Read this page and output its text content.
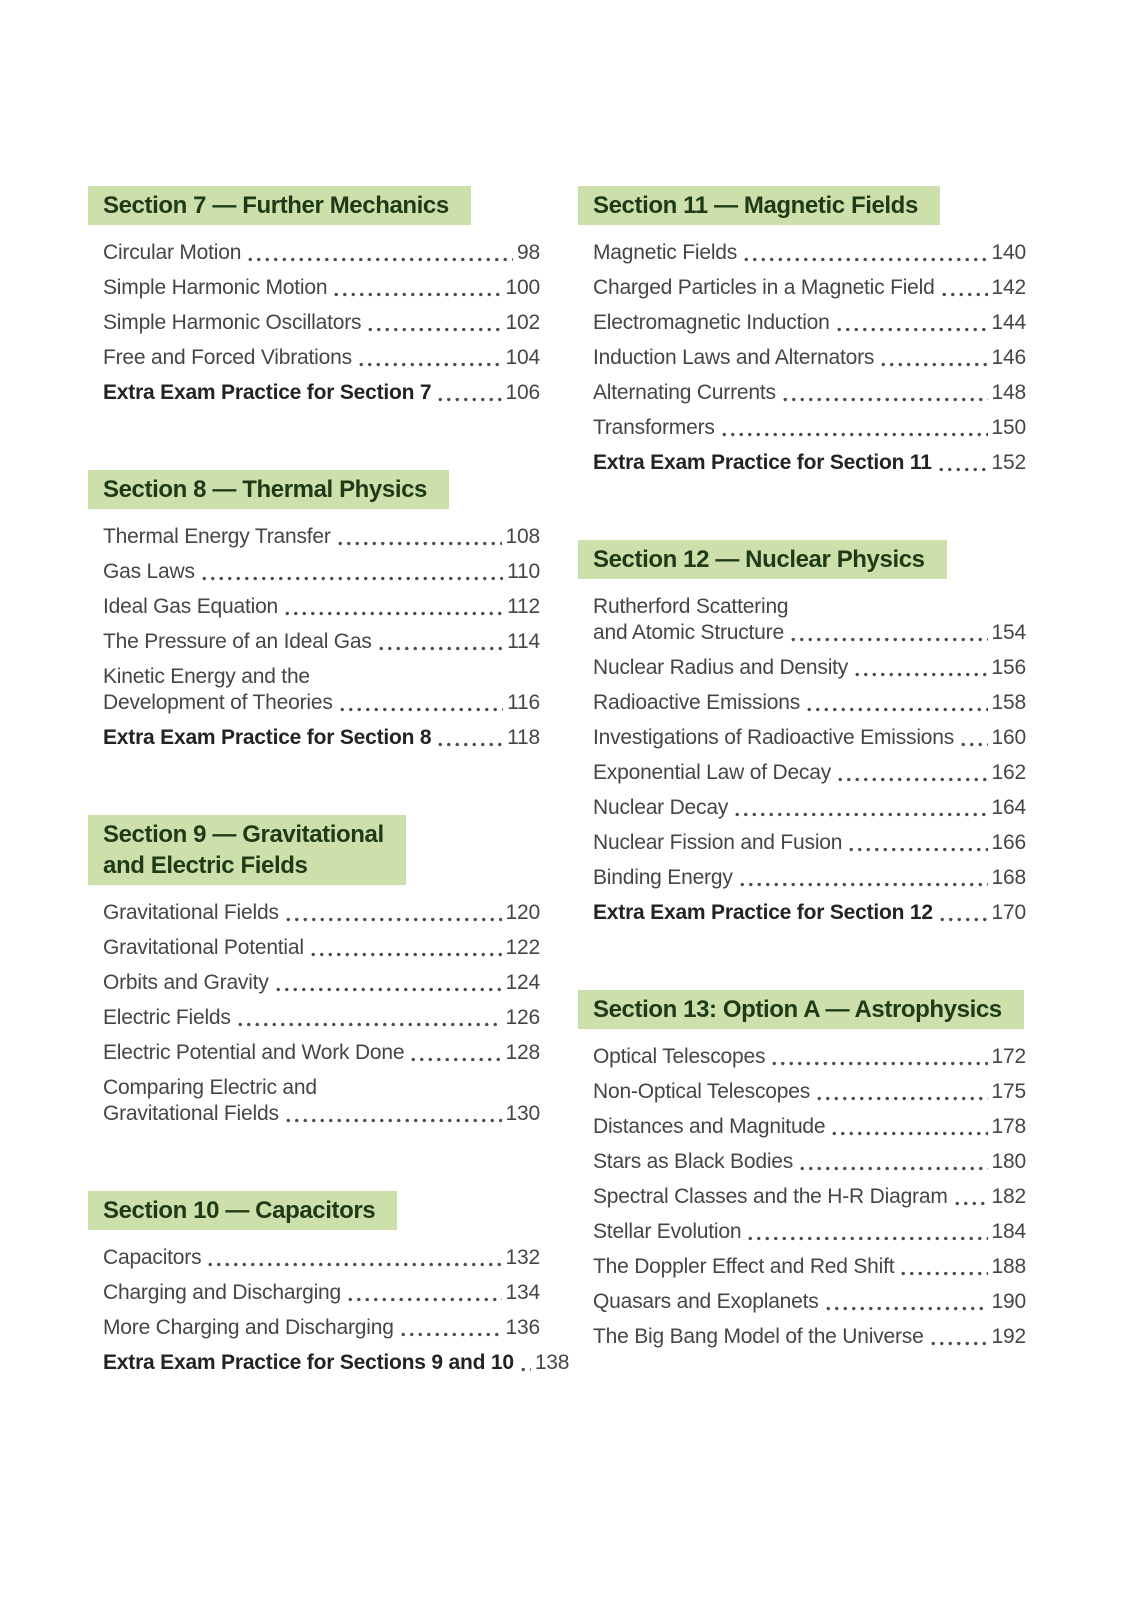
Section 7 — Further Mechanics
Circular Motion	98
Simple Harmonic Motion	100
Simple Harmonic Oscillators	102
Free and Forced Vibrations	104
Extra Exam Practice for Section 7	106
Section 8 — Thermal Physics
Thermal Energy Transfer	108
Gas Laws	110
Ideal Gas Equation	112
The Pressure of an Ideal Gas	114
Kinetic Energy and the
Development of Theories	116
Extra Exam Practice for Section 8	118
Section 9 — Gravitational
and Electric Fields
Gravitational Fields	120
Gravitational Potential	122
Orbits and Gravity	124
Electric Fields	126
Electric Potential and Work Done	128
Comparing Electric and
Gravitational Fields	130
Section 10 — Capacitors
Capacitors	132
Charging and Discharging	134
More Charging and Discharging	136
Extra Exam Practice for Sections 9 and 10 138
Section 11 — Magnetic Fields
Magnetic Fields	140
Charged Particles in a Magnetic Field	142
Electromagnetic Induction	144
Induction Laws and Alternators	146
Alternating Currents	148
Transformers	150
Extra Exam Practice for Section 11	152
Section 12 — Nuclear Physics
Rutherford Scattering
and Atomic Structure	154
Nuclear Radius and Density	156
Radioactive Emissions	158
Investigations of Radioactive Emissions 160
Exponential Law of Decay	162
Nuclear Decay	164
Nuclear Fission and Fusion	166
Binding Energy	168
Extra Exam Practice for Section 12	170
Section 13: Option A — Astrophysics
Optical Telescopes	172
Non-Optical Telescopes	175
Distances and Magnitude	178
Stars as Black Bodies	180
Spectral Classes and the H-R Diagram 182
Stellar Evolution	184
The Doppler Effect and Red Shift	188
Quasars and Exoplanets	190
The Big Bang Model of the Universe	192
